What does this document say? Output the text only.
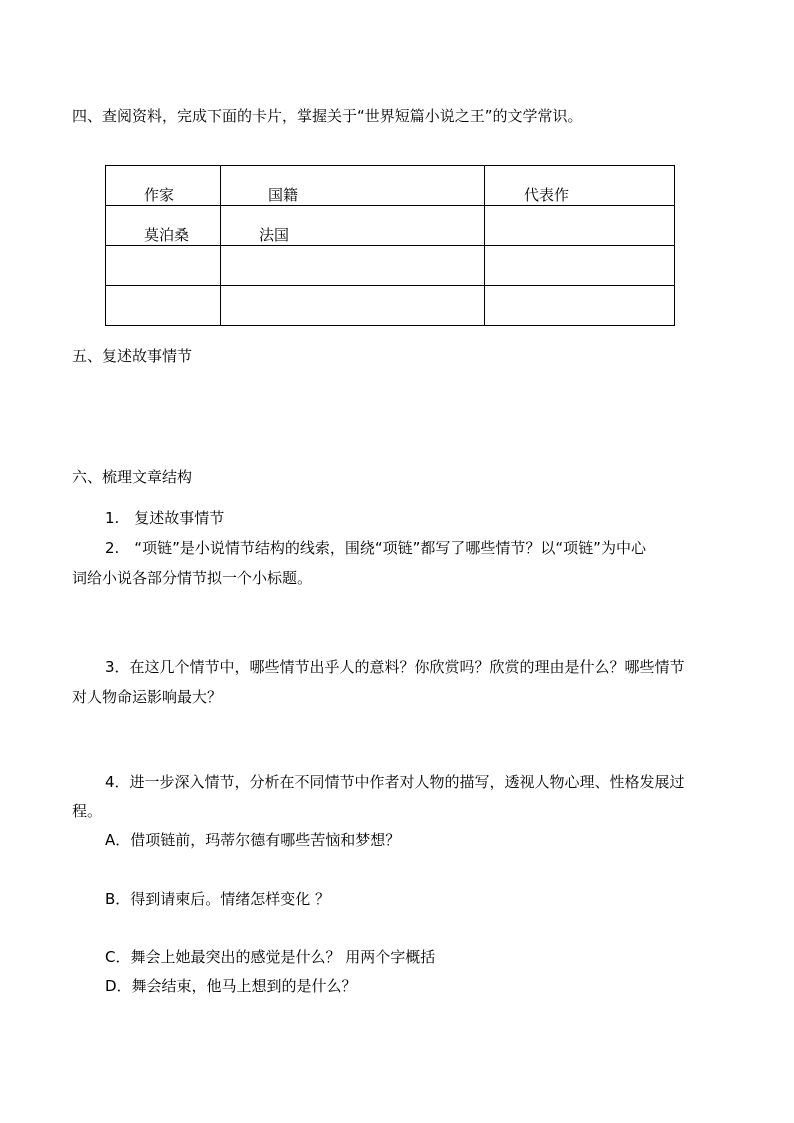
四、查阅资料，完成下面的卡片，掌握关于“世界短篇小说之王”的文学常识。
作家	国籍	代表作
莫泊桑	法国	

五、复述故事情节
六、梳理文章结构
1.　复述故事情节
2.　“项链”是小说情节结构的线索，围绕“项链”都写了哪些情节？以“项链”为中心
词给小说各部分情节拟一个小标题。
3．在这几个情节中，哪些情节出乎人的意料？你欣赏吗？欣赏的理由是什么？哪些情节
对人物命运影响最大？
4．进一步深入情节，分析在不同情节中作者对人物的描写，透视人物心理、性格发展过
程。
A．借项链前，玛蒂尔德有哪些苦恼和梦想？
B．得到请柬后。情绪怎样变化 ？
C．舞会上她最突出的感觉是什么？ 用两个字概括
D．舞会结束，他马上想到的是什么？
